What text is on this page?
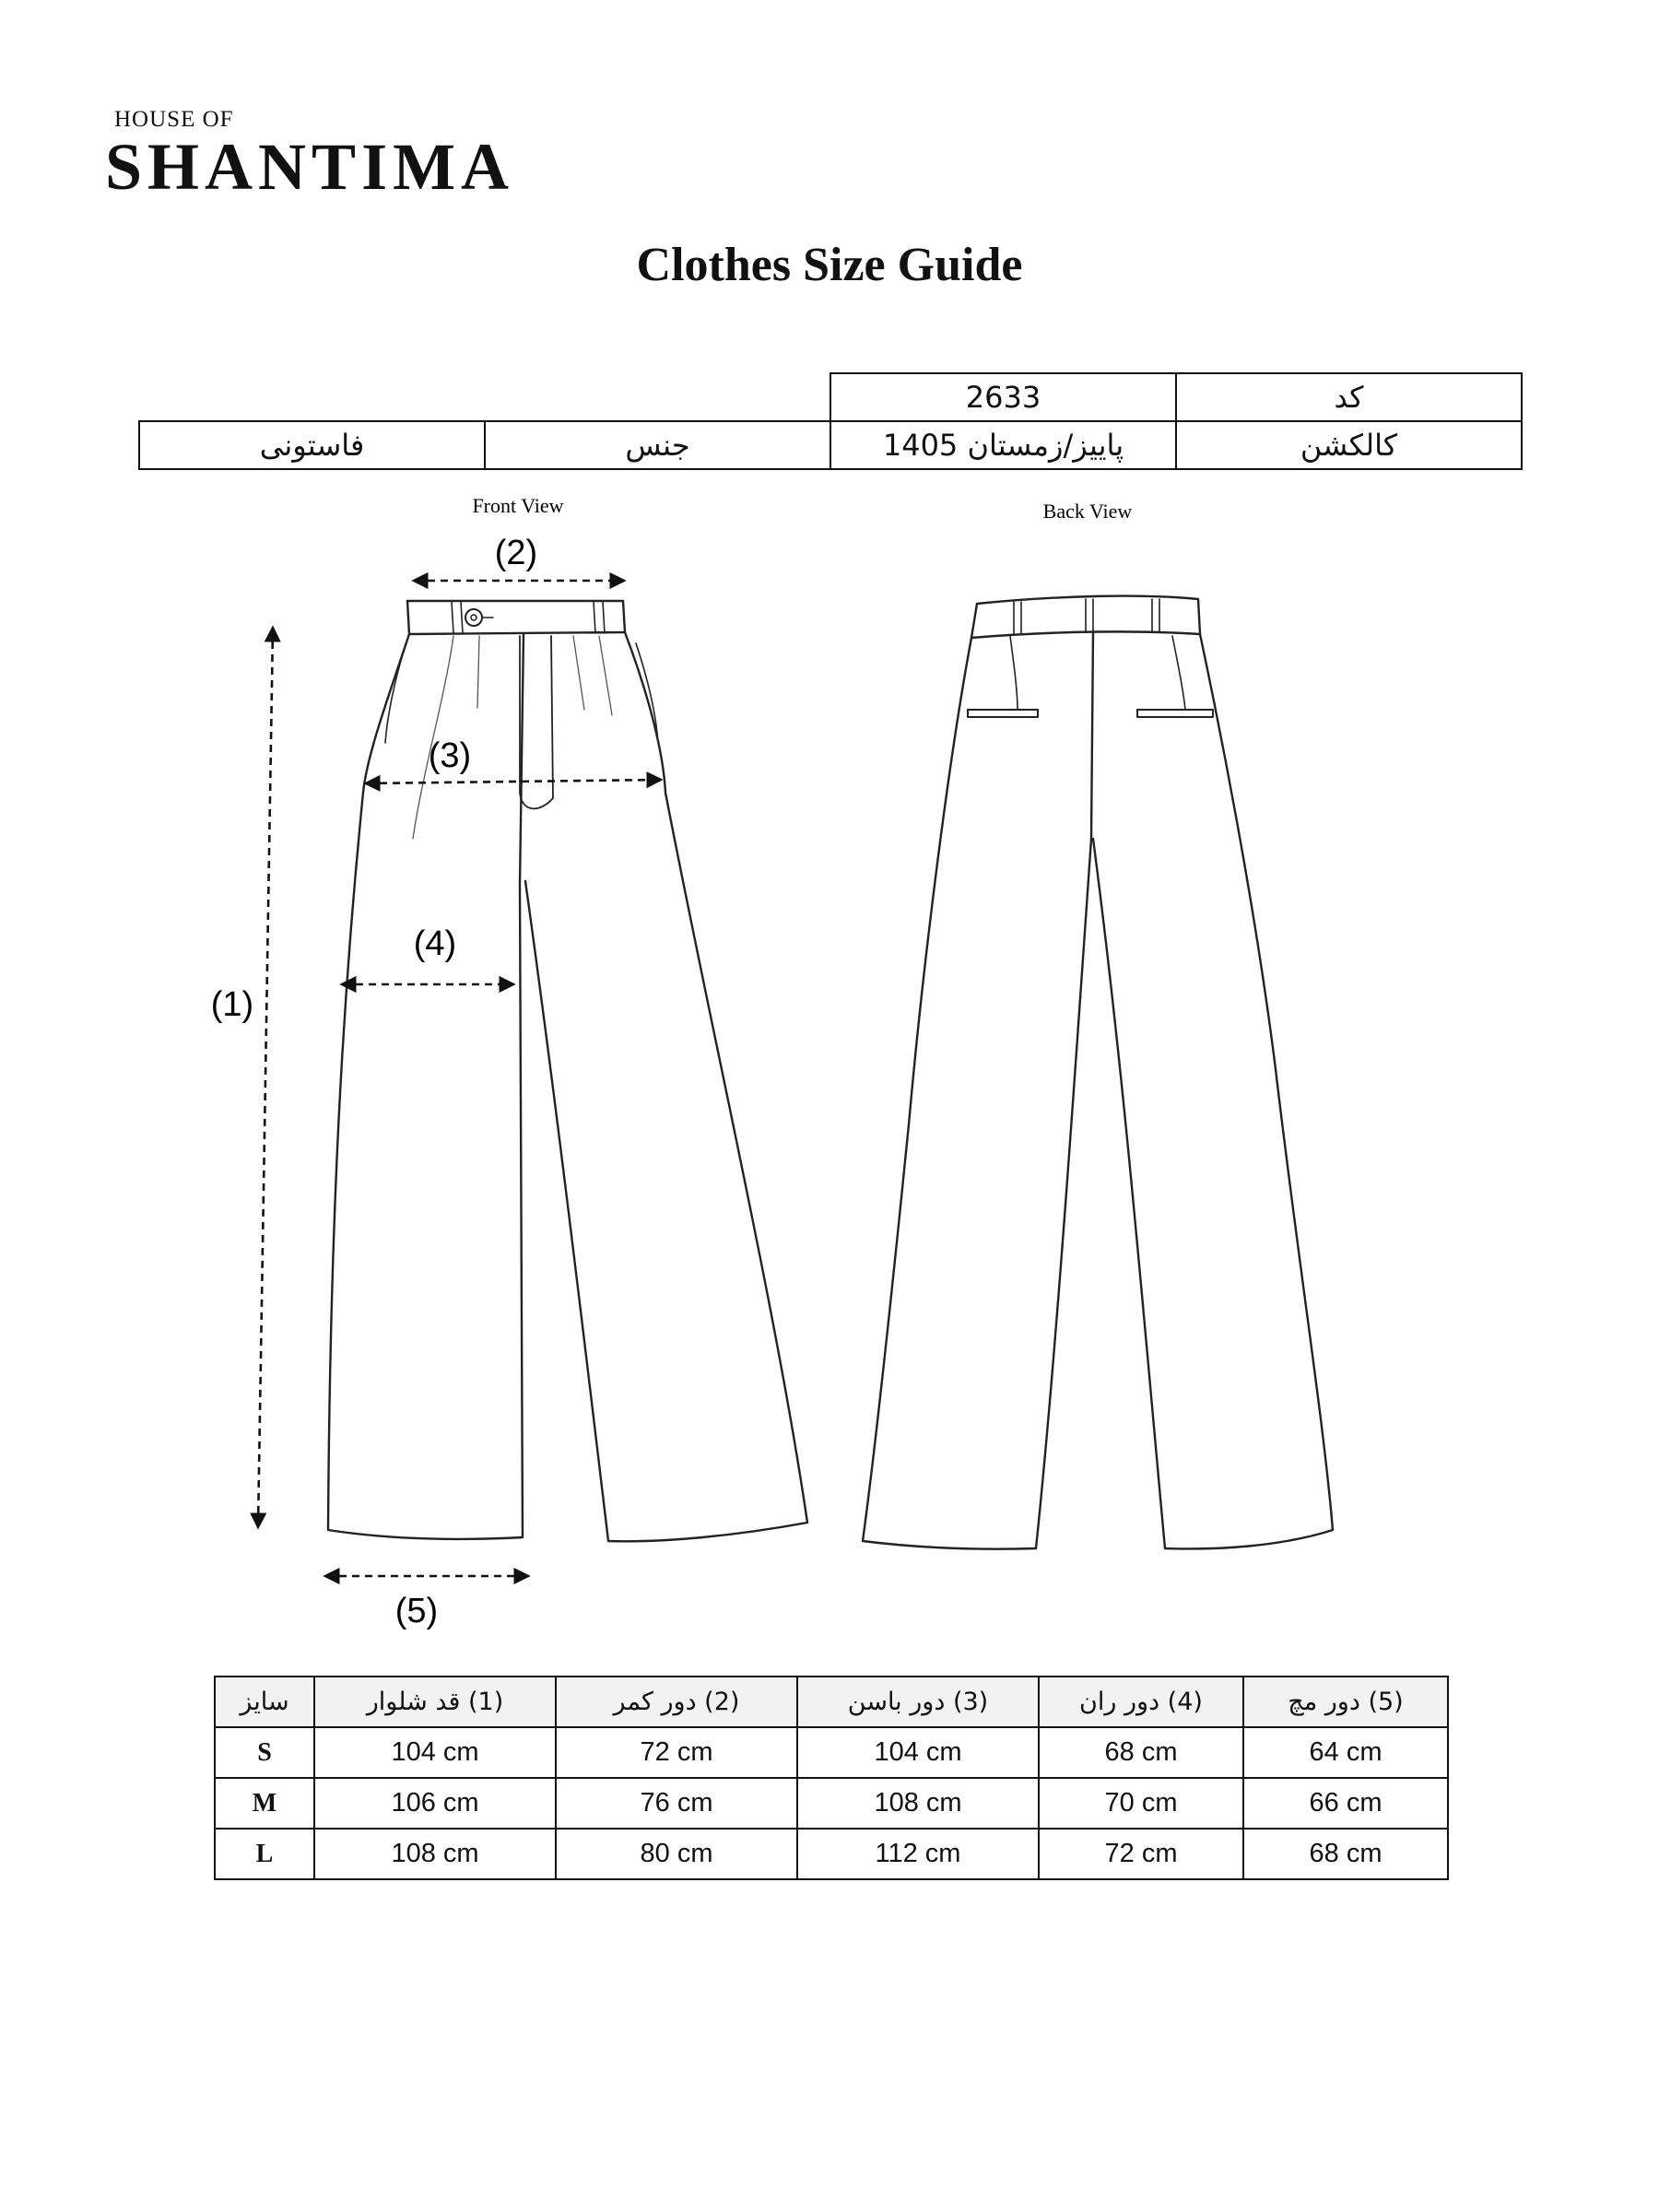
HOUSE OF
SHANTIMA
Clothes Size Guide
		2633	کد
فاستونی	جنس	پاییز/زمستان 1405	کالکشن
Front View	Back View
(1)
(2)
(3)
(4)
(5)
سایز	(1) قد شلوار	(2) دور کمر	(3) دور باسن	(4) دور ران	(5) دور مچ
S	104 cm	72 cm	104 cm	68 cm	64 cm
M	106 cm	76 cm	108 cm	70 cm	66 cm
L	108 cm	80 cm	112 cm	72 cm	68 cm
